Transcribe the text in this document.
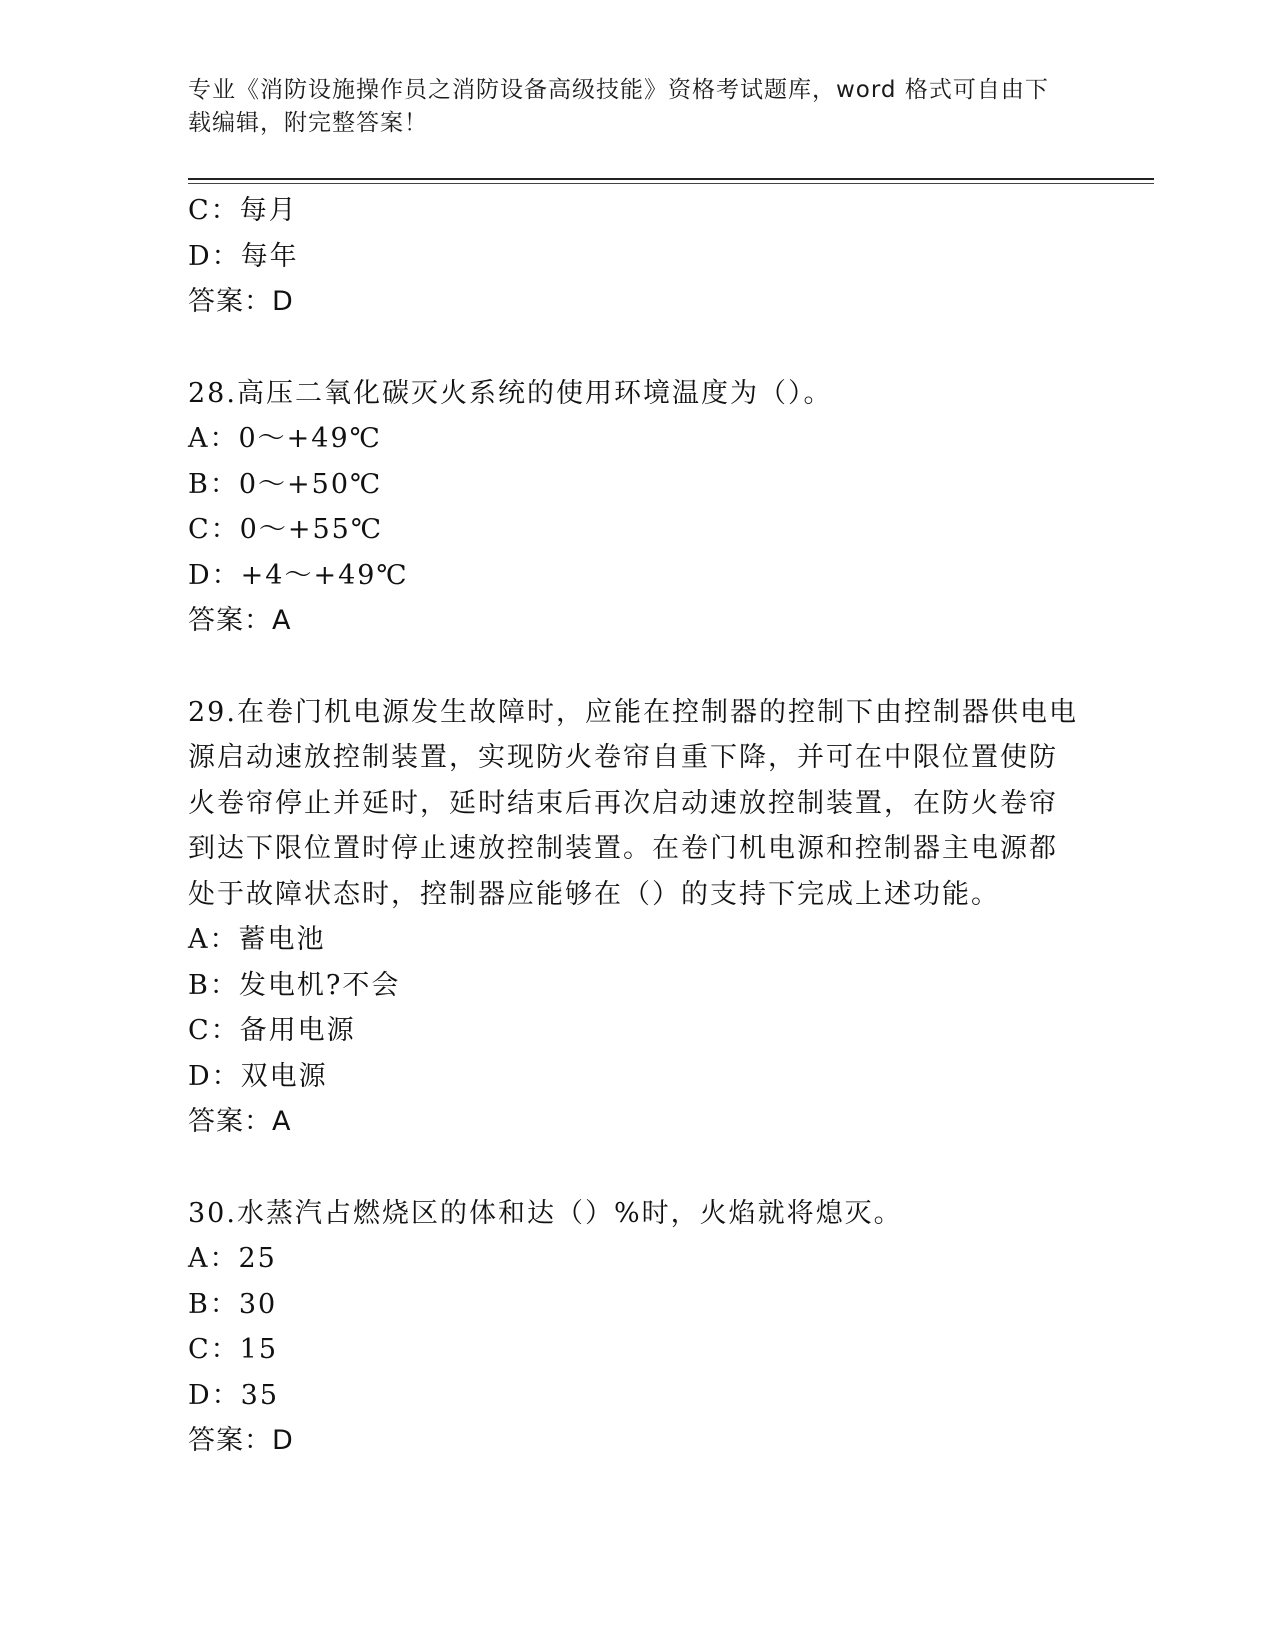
专业《消防设施操作员之消防设备高级技能》资格考试题库，word 格式可自由下
载编辑，附完整答案！
C：每月
D：每年
答案：D
28.高压二氧化碳灭火系统的使用环境温度为（）。
A：0～+49℃
B：0～+50℃
C：0～+55℃
D：+4～+49℃
答案：A
29.在卷门机电源发生故障时，应能在控制器的控制下由控制器供电电
源启动速放控制装置，实现防火卷帘自重下降，并可在中限位置使防
火卷帘停止并延时，延时结束后再次启动速放控制装置，在防火卷帘
到达下限位置时停止速放控制装置。在卷门机电源和控制器主电源都
处于故障状态时，控制器应能够在（）的支持下完成上述功能。
A：蓄电池
B：发电机?不会
C：备用电源
D：双电源
答案：A
30.水蒸汽占燃烧区的体和达（）%时，火焰就将熄灭。
A：25
B：30
C：15
D：35
答案：D
